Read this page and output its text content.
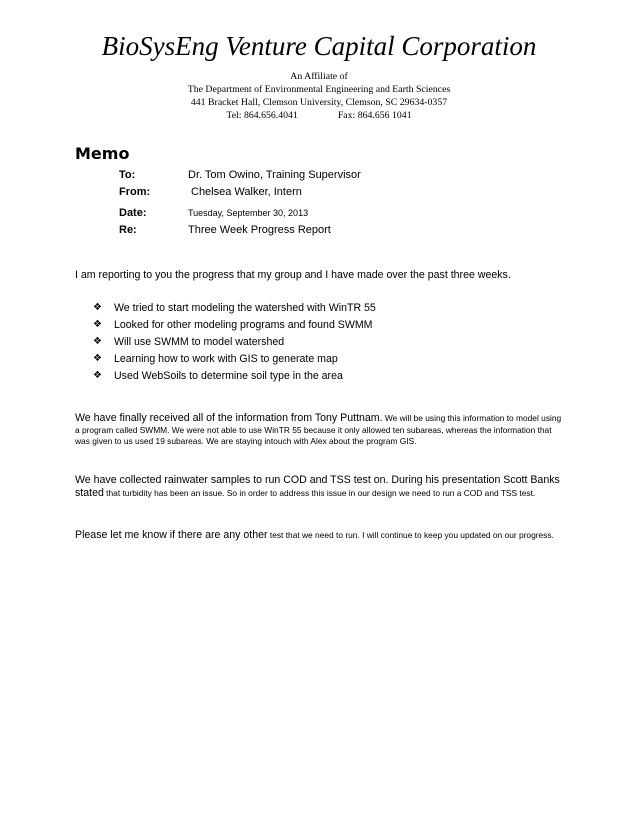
BioSysEng Venture Capital Corporation
An Affiliate of
The Department of Environmental Engineering and Earth Sciences
441 Bracket Hall, Clemson University, Clemson, SC 29634-0357
Tel: 864.656.4041	Fax: 864.656 1041
Memo
To:	Dr. Tom Owino, Training Supervisor
From:	Chelsea Walker, Intern
Date:	Tuesday, September 30, 2013
Re:	Three Week Progress Report
I am reporting to you the progress that my group and I have made over the past three weeks.
❖ We tried to start modeling the watershed with WinTR 55
❖ Looked for other modeling programs and found SWMM
❖ Will use SWMM to model watershed
❖ Learning how to work with GIS to generate map
❖ Used WebSoils to determine soil type in the area
We have finally received all of the information from Tony Puttnam. We will be using this information to model using a program called SWMM. We were not able to use WinTR 55 because it only allowed ten subareas, whereas the information that was given to us used 19 subareas. We are staying intouch with Alex about the program GIS.
We have collected rainwater samples to run COD and TSS test on. During his presentation Scott Banks stated that turbidity has been an issue. So in order to address this issue in our design we need to run a COD and TSS test.
Please let me know if there are any other test that we need to run. I will continue to keep you updated on our progress.
